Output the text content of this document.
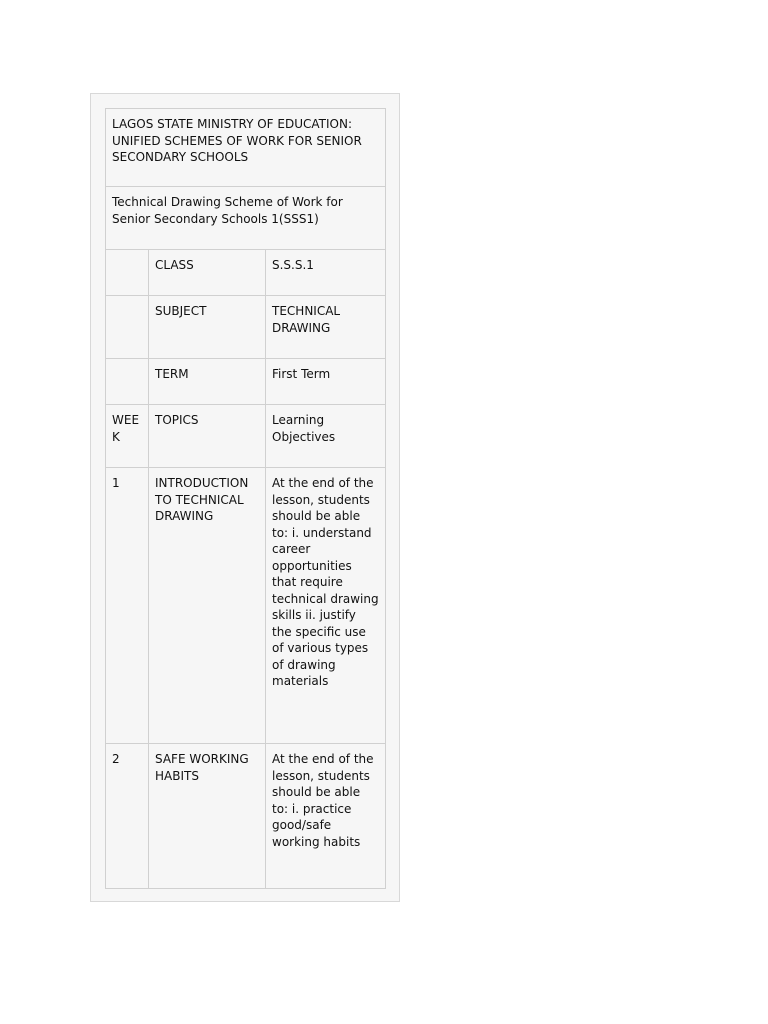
LAGOS STATE MINISTRY OF EDUCATION: UNIFIED SCHEMES OF WORK FOR SENIOR SECONDARY SCHOOLS		
Technical Drawing Scheme of Work for Senior Secondary Schools 1(SSS1)		
	CLASS	S.S.S.1
	SUBJECT	TECHNICAL DRAWING
	TERM	First Term
WEEK	TOPICS	Learning Objectives
1	INTRODUCTION TO TECHNICAL DRAWING	At the end of the lesson, students should be able to: i. understand career opportunities that require technical drawing skills ii. justify the specific use of various types of drawing materials
2	SAFE WORKING HABITS	At the end of the lesson, students should be able to: i. practice good/safe working habits
